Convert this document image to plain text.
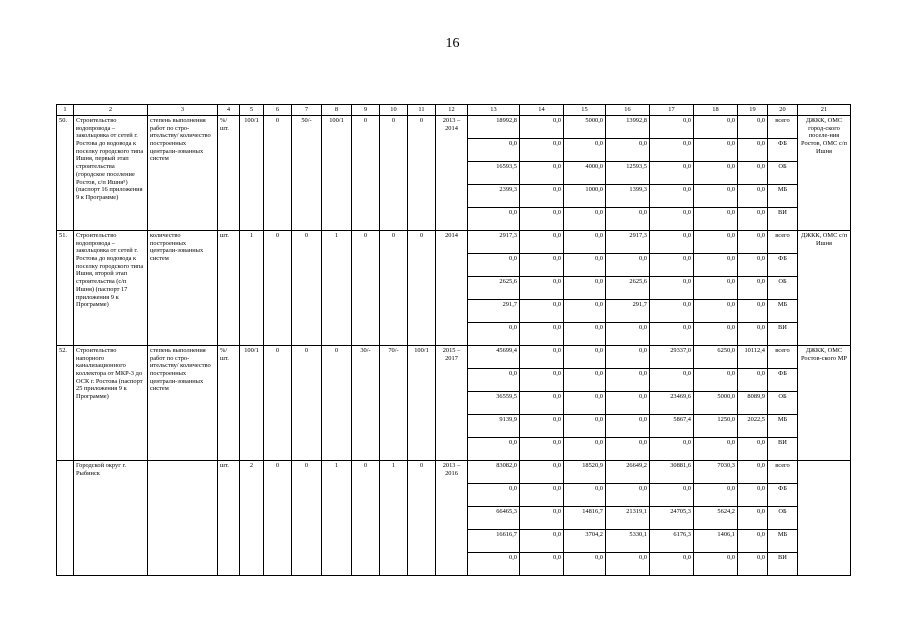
16
1	2	3	4	5	6	7	8	9	10	11	12	13	14	15	16	17	18	19	20	21
50.	Строительство водопровода – закольцовка от сетей г. Ростова до водовода к поселку городского типа Ишня, первый этап строительства (городское поселение Ростов, с/п Ишня⁵) (паспорт 16 приложения 9 к Программе)	степень выполнения работ по стро-ительству/ количество построенных централи-зованных систем	%/ шт.	100/1	0	50/-	100/1	0	0	0	2013 – 2014	18992,8	0,0	5000,0	13992,8	0,0	0,0	0,0	всего	ДЖКК, ОМС город-ского поселе-ния Ростов, ОМС с/п Ишня
												0,0	0,0	0,0	0,0	0,0	0,0	0,0	ФБ	
												16593,5	0,0	4000,0	12593,5	0,0	0,0	0,0	ОБ	
												2399,3	0,0	1000,0	1399,3	0,0	0,0	0,0	МБ	
												0,0	0,0	0,0	0,0	0,0	0,0	0,0	ВИ	
51.	Строительство водопровода – закольцовка от сетей г. Ростова до водовода к поселку городского типа Ишня, второй этап строительства (с/п Ишня) (паспорт 17 приложения 9 к Программе)	количество построенных централи-зованных систем	шт.	1	0	0	1	0	0	0	2014	2917,3	0,0	0,0	2917,3	0,0	0,0	0,0	всего	ДЖКК, ОМС с/п Ишня
												0,0	0,0	0,0	0,0	0,0	0,0	0,0	ФБ	
												2625,6	0,0	0,0	2625,6	0,0	0,0	0,0	ОБ	
												291,7	0,0	0,0	291,7	0,0	0,0	0,0	МБ	
												0,0	0,0	0,0	0,0	0,0	0,0	0,0	ВИ	
52.	Строительство напорного канализационного коллектора от МКР-3 до ОСК г. Ростова (паспорт 25 приложения 9 к Программе)	степень выполнения работ по стро-ительству/ количество построенных централи-зованных систем	%/ шт.	100/1	0	0	0	30/-	70/-	100/1	2015 – 2017	45699,4	0,0	0,0	0,0	29337,0	6250,0	10112,4	всего	ДЖКК, ОМС Ростов-ского МР
												0,0	0,0	0,0	0,0	0,0	0,0	0,0	ФБ	
												36559,5	0,0	0,0	0,0	23469,6	5000,0	8089,9	ОБ	
												9139,9	0,0	0,0	0,0	5867,4	1250,0	2022,5	МБ	
												0,0	0,0	0,0	0,0	0,0	0,0	0,0	ВИ	
	Городской округ г. Рыбинск		шт.	2	0	0	1	0	1	0	2013 – 2016	83082,0	0,0	18520,9	26649,2	30881,6	7030,3	0,0	всего	
												0,0	0,0	0,0	0,0	0,0	0,0	0,0	ФБ	
												66465,3	0,0	14816,7	21319,1	24705,3	5624,2	0,0	ОБ	
												16616,7	0,0	3704,2	5330,1	6176,3	1406,1	0,0	МБ	
												0,0	0,0	0,0	0,0	0,0	0,0	0,0	ВИ	
